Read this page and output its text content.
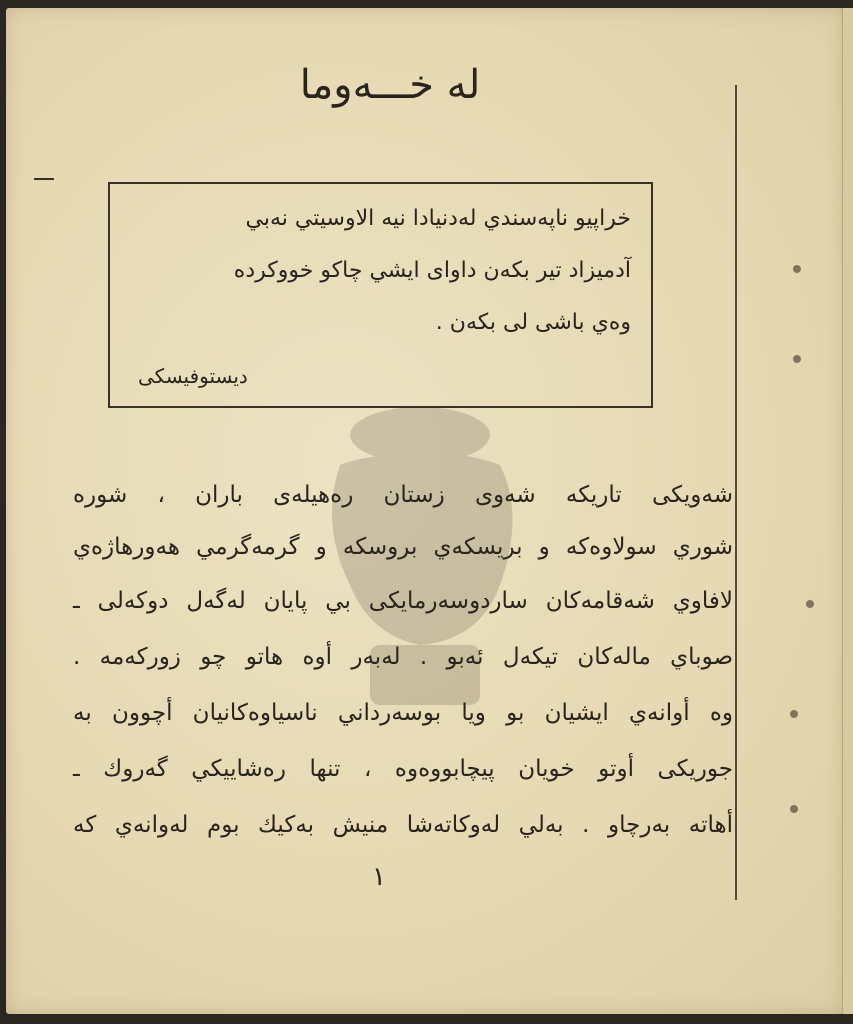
لە خـــەوما
خراپیو ناپەسندي لەدنیادا نیە الاوسیتي نەبي
آدمیزاد تیر بکەن داواى ایشي چاکو خووکردە
وەي باشى لی بکەن .
دیستوفیسکی
شەویکی تاریکە شەوی زستان رەهیلەى باران ، شورە
شوري سولاوەکە و بریسکەي بروسکە و گرمەگرمي هەورهاژەي
لافاوي شەقامەکان ساردوسەرمایکی بي پایان لەگەل دوکەلی ـ
صوباي مالەکان تیکەل ئەبو . لەبەر أوە هاتو چو زورکەمە .
وە أوانەي ایشیان بو ویا بوسەرداني ناسیاوەکانیان أچوون بە
جوریکی أوتو خویان پیچابووەوە ، تنها رەشاییکي گەروك ـ
أهاتە بەرچاو . بەلي لەوکاتەشا منیش بەکیك بوم لەوانەي کە
١
